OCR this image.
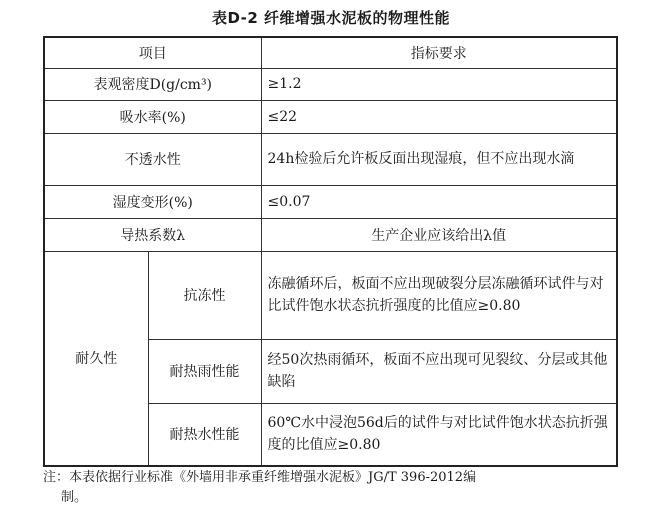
表D-2 纤维增强水泥板的物理性能
项目		指标要求
表观密度D(g/cm³)		≥1.2
吸水率(%)		≤22
不透水性		24h检验后允许板反面出现湿痕，但不应出现水滴
湿度变形(%)		≤0.07
导热系数λ		生产企业应该给出λ值
耐久性	抗冻性	冻融循环后，板面不应出现破裂分层冻融循环试件与对比试件饱水状态抗折强度的比值应≥0.80
	耐热雨性能	经50次热雨循环，板面不应出现可见裂纹、分层或其他缺陷
	耐热水性能	60℃水中浸泡56d后的试件与对比试件饱水状态抗折强度的比值应≥0.80
注：本表依据行业标准《外墙用非承重纤维增强水泥板》JG/T 396-2012编
制。
